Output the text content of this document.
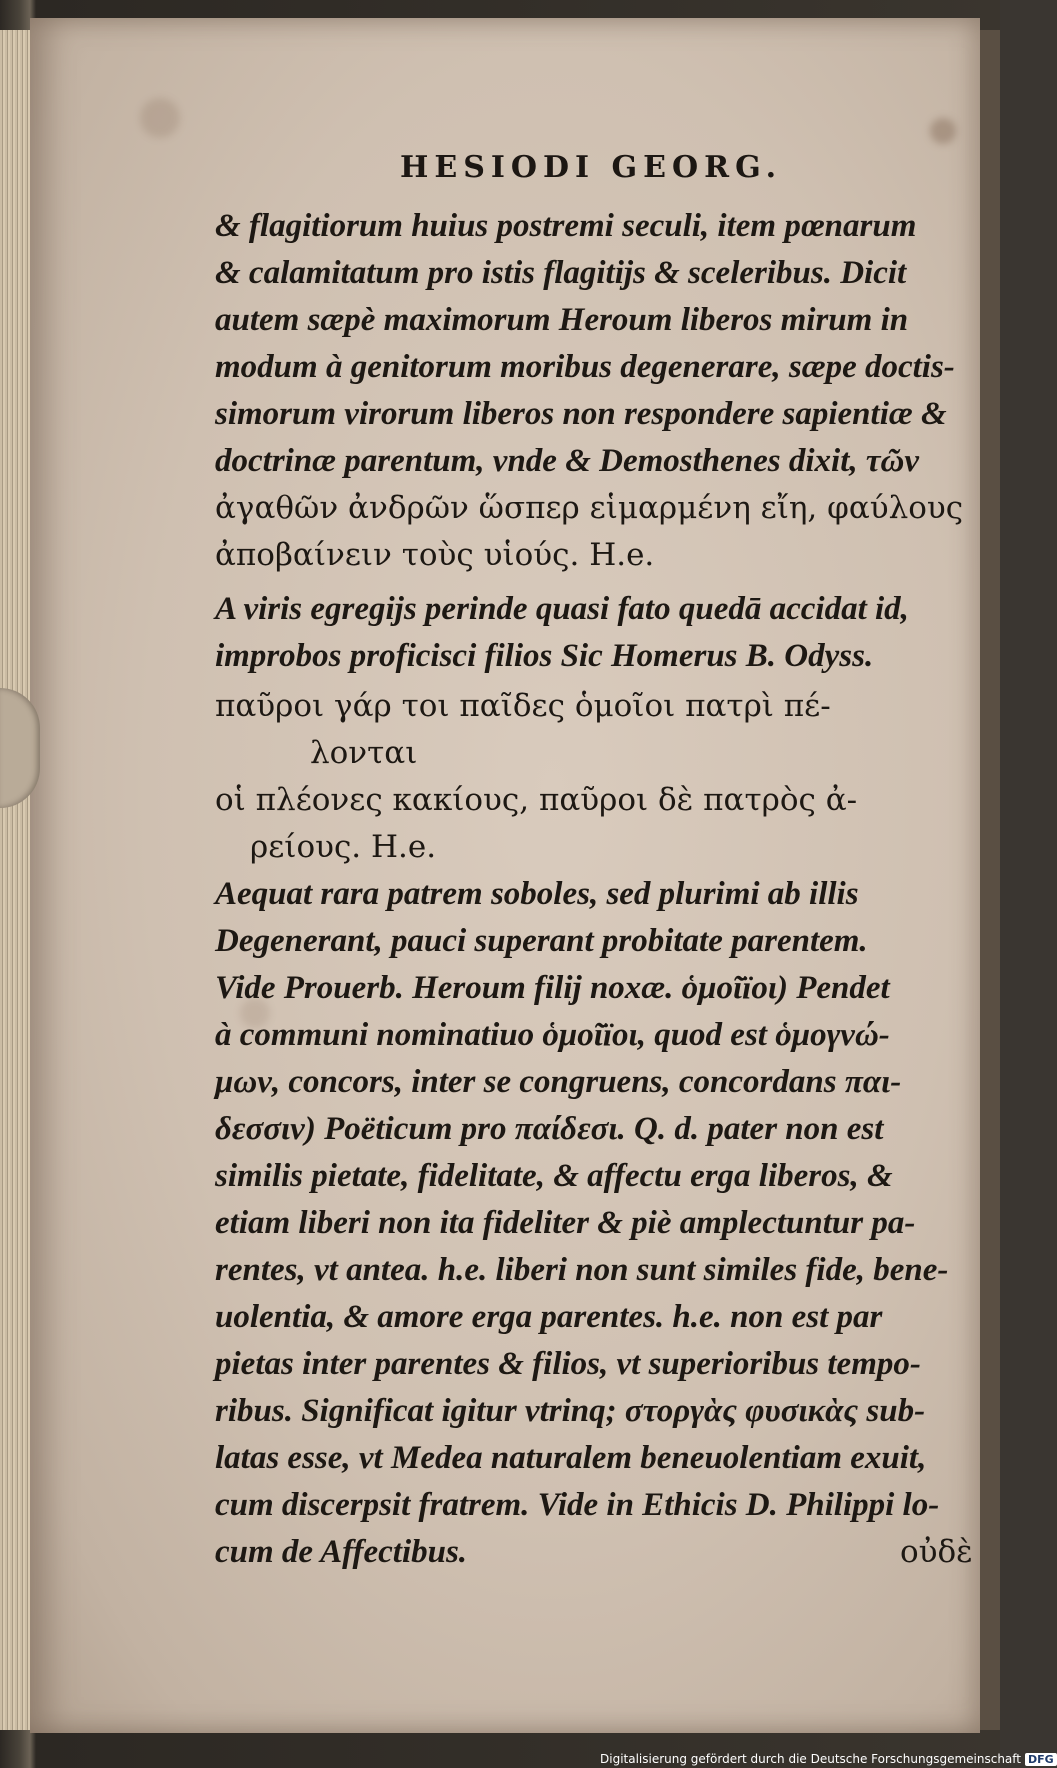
HESIODI GEORG.
& flagitiorum huius postremi seculi, item pœnarum
& calamitatum pro istis flagitijs & sceleribus. Dicit
autem sæpè maximorum Heroum liberos mirum in
modum à genitorum moribus degenerare, sæpe doctis-
simorum virorum liberos non respondere sapientiæ &
doctrinæ parentum, vnde & Demosthenes dixit, τῶν
ἀγαθῶν ἀνδρῶν ὥσπερ εἱμαρμένη εἴη, φαύλους
ἀποβαίνειν τοὺς υἱούς. H.e.
A viris egregijs perinde quasi fato quedā accidat id,
improbos proficisci filios Sic Homerus B. Odyss.
παῦροι γάρ τοι παῖδες ὁμοῖοι πατρὶ πέ-
λονται
οἱ πλέονες κακίους, παῦροι δὲ πατρὸς ἀ-
ρείους. H.e.
Aequat rara patrem soboles, sed plurimi ab illis
Degenerant, pauci superant probitate parentem.
Vide Prouerb. Heroum filij noxæ. ὁμοῖϊοι) Pendet
à communi nominatiuo ὁμοῖϊοι, quod est ὁμογνώ-
μων, concors, inter se congruens, concordans παι-
δεσσιν) Poëticum pro παίδεσι. Q. d. pater non est
similis pietate, fidelitate, & affectu erga liberos, &
etiam liberi non ita fideliter & piè amplectuntur pa-
rentes, vt antea. h.e. liberi non sunt similes fide, bene-
uolentia, & amore erga parentes. h.e. non est par
pietas inter parentes & filios, vt superioribus tempo-
ribus. Significat igitur vtrinq; στοργὰς φυσικὰς sub-
latas esse, vt Medea naturalem beneuolentiam exuit,
cum discerpsit fratrem. Vide in Ethicis D. Philippi lo-
cum de Affectibus.	οὐδὲ
Digitalisierung gefördert durch die Deutsche Forschungsgemeinschaft DFG
